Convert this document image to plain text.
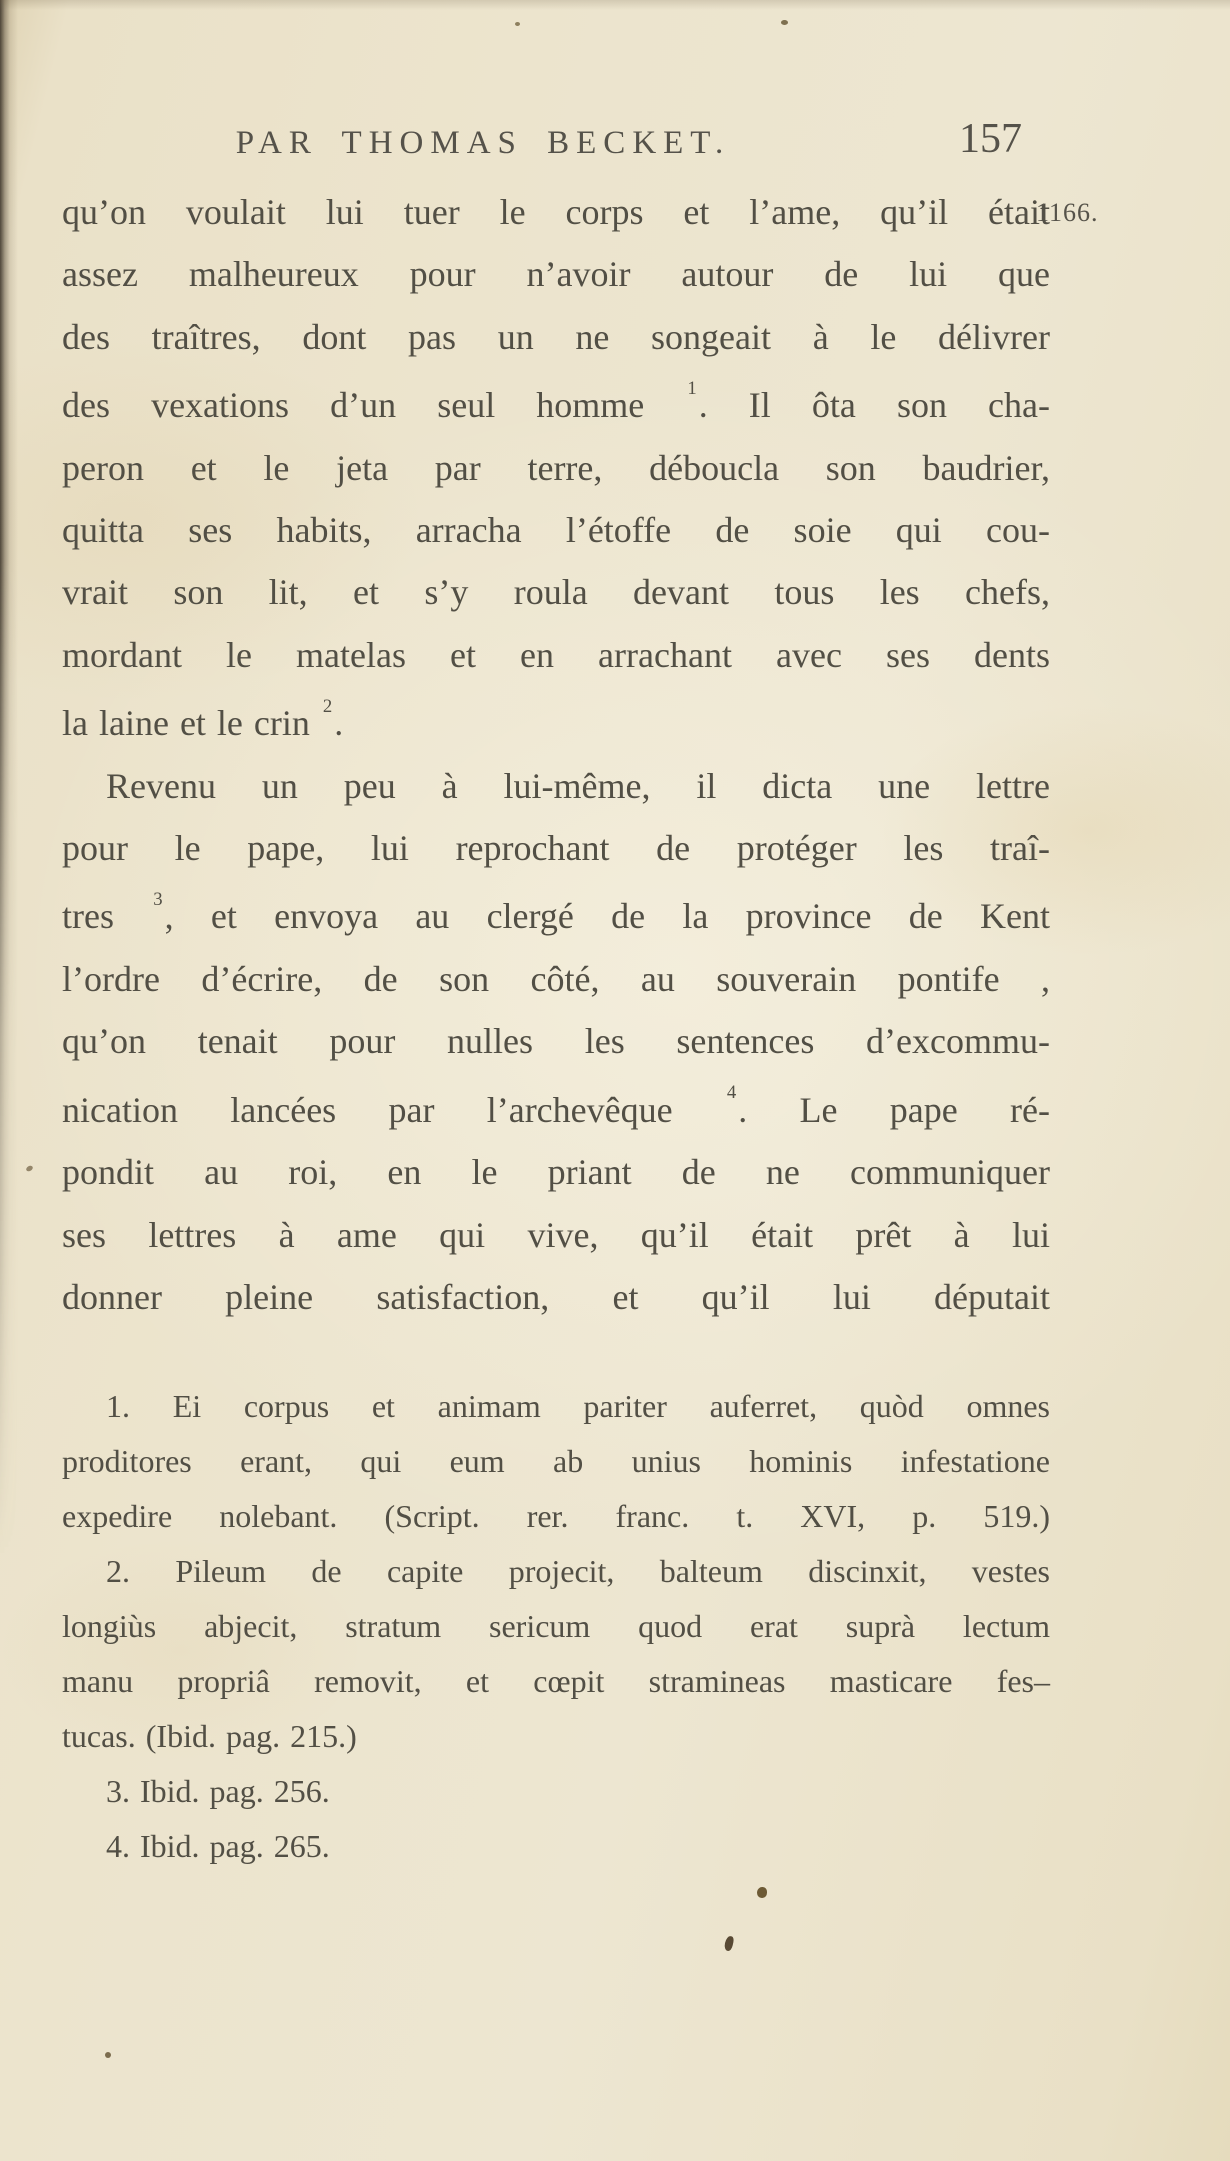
PAR THOMAS BECKET.	157
1166.
qu’on voulait lui tuer le corps et l’ame, qu’il était
assez malheureux pour n’avoir autour de lui que
des traîtres, dont pas un ne songeait à le délivrer
des vexations d’un seul homme $^1$. Il ôta son cha-
peron et le jeta par terre, déboucla son baudrier,
quitta ses habits, arracha l’étoffe de soie qui cou-
vrait son lit, et s’y roula devant tous les chefs,
mordant le matelas et en arrachant avec ses dents
la laine et le crin $^2$.
Revenu un peu à lui-même, il dicta une lettre
pour le pape, lui reprochant de protéger les traî-
tres $^3$, et envoya au clergé de la province de Kent
l’ordre d’écrire, de son côté, au souverain pontife ,
qu’on tenait pour nulles les sentences d’excommu-
nication lancées par l’archevêque $^4$. Le pape ré-
pondit au roi, en le priant de ne communiquer
ses lettres à ame qui vive, qu’il était prêt à lui
donner pleine satisfaction, et qu’il lui députait
1. Ei corpus et animam pariter auferret, quòd omnes
proditores erant, qui eum ab unius hominis infestatione
expedire nolebant. (Script. rer. franc. t. XVI, p. 519.)
2. Pileum de capite projecit, balteum discinxit, vestes
longiùs abjecit, stratum sericum quod erat suprà lectum
manu propriâ removit, et cœpit stramineas masticare fes–
tucas. (Ibid. pag. 215.)
3. Ibid. pag. 256.
4. Ibid. pag. 265.
